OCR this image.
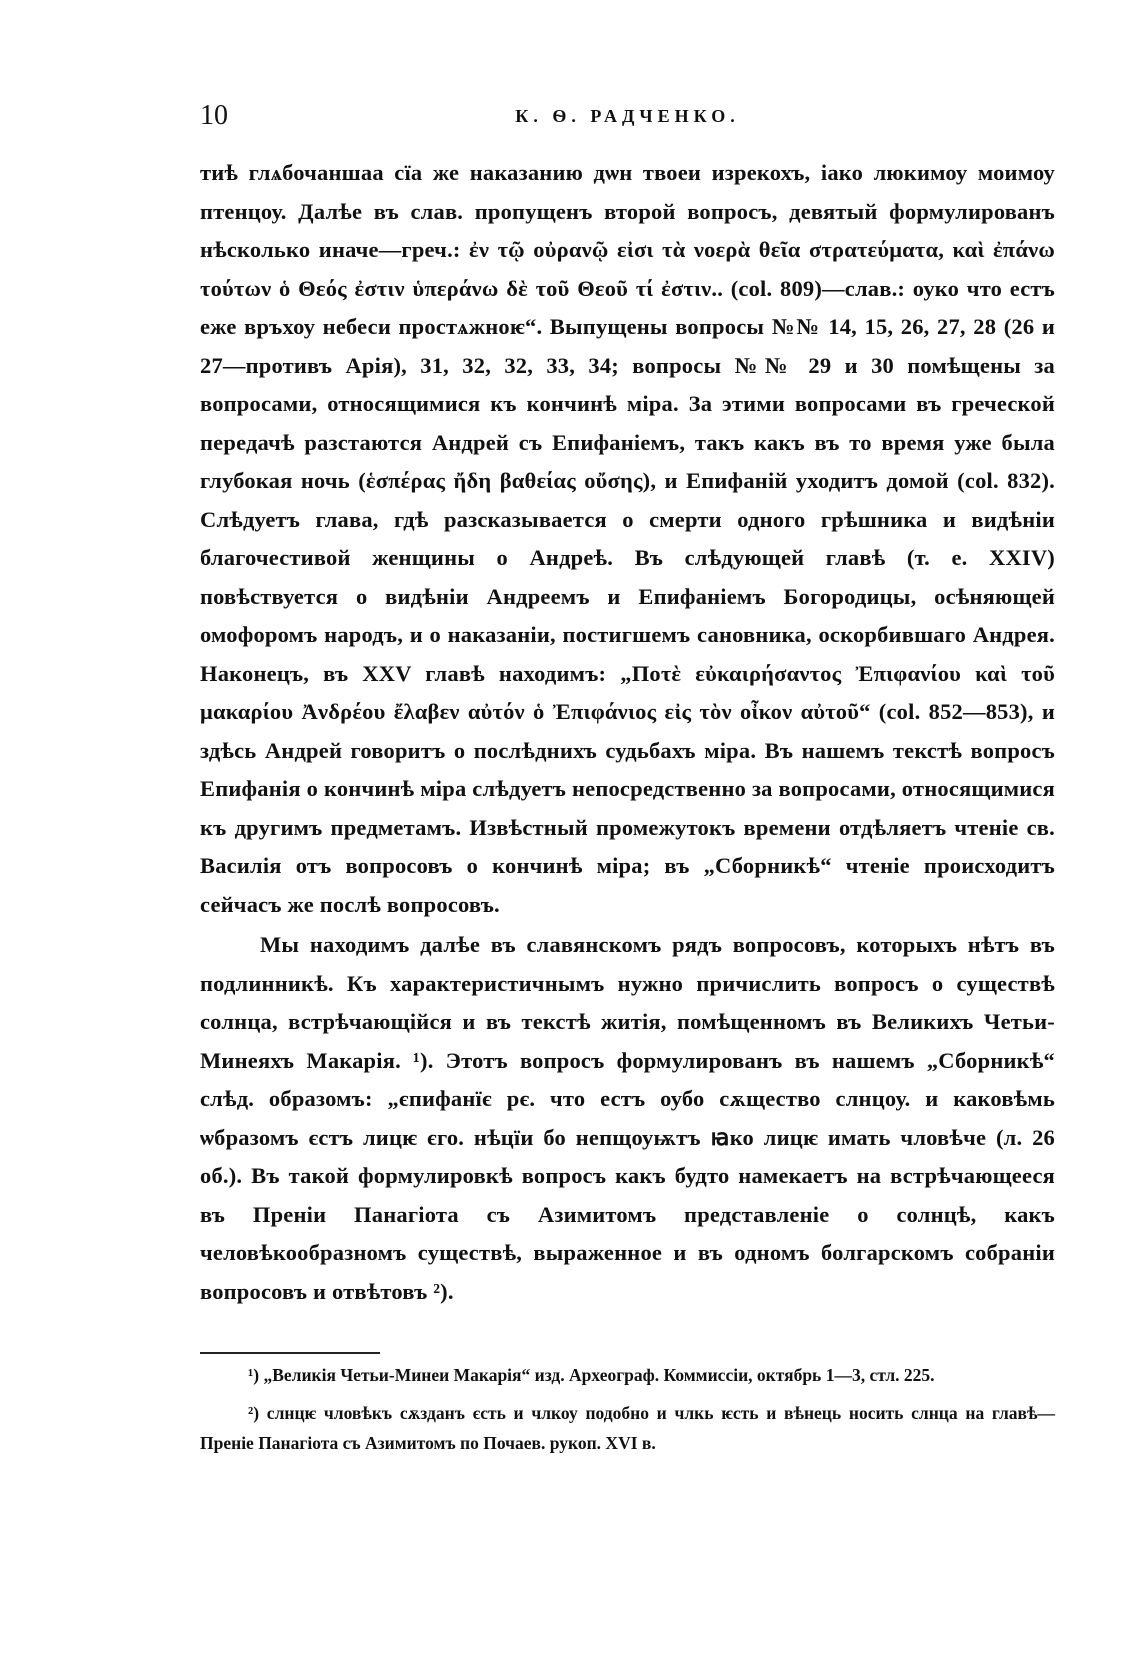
10	К. Ѳ. РАДЧЕНКО.

тиѣ глѧбочаншаа сїа же наказанию дѡн твоеи изрекохъ, іако люкимоу моимоу птенцоу. Далѣе въ слав. пропущенъ второй вопросъ, девятый формулированъ нѣсколько иначе—греч.: ἐν τῷ οὐρανῷ εἰσι τὰ νοερὰ θεῖα στρατεύματα, καὶ ἐπάνω τούτων ὁ Θεός ἐστιν ὑπεράνω δὲ τοῦ Θεοῦ τί ἐστιν.. (col. 809)—слав.: оуко что естъ еже връхоу небеси простѧжноѥ“. Выпущены вопросы №№ 14, 15, 26, 27, 28 (26 и 27—противъ Арія), 31, 32, 32, 33, 34; вопросы №№ 29 и 30 помѣщены за вопросами, относящимися къ кончинѣ міра. За этими вопросами въ греческой передачѣ разстаются Андрей съ Епифаніемъ, такъ какъ въ то время уже была глубокая ночь (ἑσπέρας ἤδη βαθείας οὔσης), и Епифаній уходитъ домой (col. 832). Слѣдуетъ глава, гдѣ разсказывается о смерти одного грѣшника и видѣніи благочестивой женщины о Андреѣ. Въ слѣдующей главѣ (т. е. XXIV) повѣствуется о видѣніи Андреемъ и Епифаніемъ Богородицы, осѣняющей омофоромъ народъ, и о наказаніи, постигшемъ сановника, оскорбившаго Андрея. Наконецъ, въ XXV главѣ находимъ: „Ποτὲ εὐκαιρήσαντος Ἐπιφανίου καὶ τοῦ μακαρίου Ἀνδρέου ἔλαβεν αὐτόν ὁ Ἐπιφάνιος εἰς τὸν οἶκον αὐτοῦ“ (col. 852—853), и здѣсь Андрей говоритъ о послѣднихъ судьбахъ міра. Въ нашемъ текстѣ вопросъ Епифанія о кончинѣ міра слѣдуетъ непосредственно за вопросами, относящимися къ другимъ предметамъ. Извѣстный промежутокъ времени отдѣляетъ чтеніе св. Василія отъ вопросовъ о кончинѣ міра; въ „Сборникѣ“ чтеніе происходитъ сейчасъ же послѣ вопросовъ.

Мы находимъ далѣе въ славянскомъ рядъ вопросовъ, которыхъ нѣтъ въ подлинникѣ. Къ характеристичнымъ нужно причислить вопросъ о существѣ солнца, встрѣчающійся и въ текстѣ житія, помѣщенномъ въ Великихъ Четьи-Минеяхъ Макарія. ¹). Этотъ вопросъ формулированъ въ нашемъ „Сборникѣ“ слѣд. образомъ: „єпифанїє рє. что естъ оубо сѫщество слнцоу. и каковѣмь ѡбразомъ єстъ лицѥ єго. нѣцїи бо непщоуѭтъ ꙗко лицѥ имать чловѣче (л. 26 об.). Въ такой формулировкѣ вопросъ какъ будто намекаетъ на встрѣчающееся въ Преніи Панагіота съ Азимитомъ представленіе о солнцѣ, какъ человѣкообразномъ существѣ, выраженное и въ одномъ болгарскомъ собраніи вопросовъ и отвѣтовъ ²).

¹) „Великія Четьи-Минеи Макарія“ изд. Археограф. Коммиссіи, октябрь 1—3, стл. 225.

²) слнцѥ чловѣкъ сѫзданъ єсть и члкоу подобно и члкь ѥсть и вѣнець носить слнца на главѣ—Преніе Панагіота съ Азимитомъ по Почаев. рукоп. XVI в.
